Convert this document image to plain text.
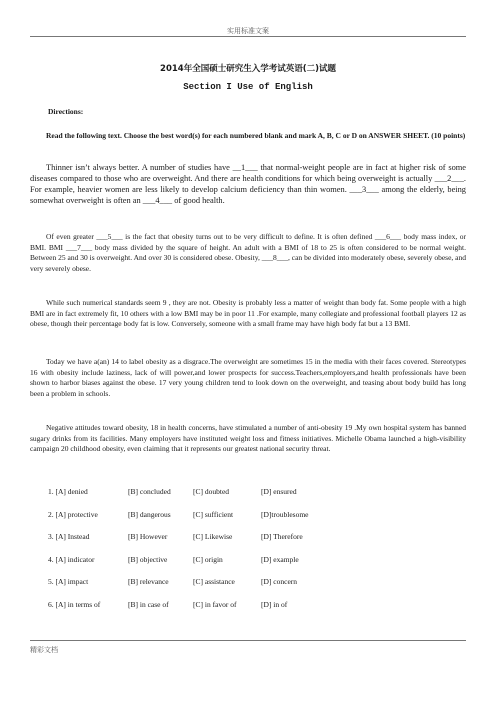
实用标准文案
2014年全国硕士研究生入学考试英语(二)试题
Section I Use of English
Directions:

Read the following text. Choose the best word(s) for each numbered blank and mark A, B, C or D on ANSWER SHEET. (10 points)

Thinner isn’t always better. A number of studies have __1___ that normal-weight people are in fact at higher risk of some diseases compared to those who are overweight. And there are health conditions for which being overweight is actually ___2___. For example, heavier women are less likely to develop calcium deficiency than thin women. ___3___ among the elderly, being somewhat overweight is often an ___4___ of good health.

Of even greater ___5___ is the fact that obesity turns out to be very difficult to define. It is often defined ___6___ body mass index, or BMI. BMI ___7___ body mass divided by the square of height. An adult with a BMI of 18 to 25 is often considered to be normal weight. Between 25 and 30 is overweight. And over 30 is considered obese. Obesity, ___8___, can be divided into moderately obese, severely obese, and very severely obese.

While such numerical standards seem 9 , they are not. Obesity is probably less a matter of weight than body fat. Some people with a high BMI are in fact extremely fit, 10 others with a low BMI may be in poor 11 .For example, many collegiate and professional football players 12 as obese, though their percentage body fat is low. Conversely, someone with a small frame may have high body fat but a 13 BMI.

Today we have a(an) 14 to label obesity as a disgrace.The overweight are sometimes 15 in the media with their faces covered. Stereotypes 16 with obesity include laziness, lack of will power,and lower prospects for success.Teachers,employers,and health professionals have been shown to harbor biases against the obese. 17 very young children tend to look down on the overweight, and teasing about body build has long been a problem in schools.

Negative attitudes toward obesity, 18 in health concerns, have stimulated a number of anti-obesity 19 .My own hospital system has banned sugary drinks from its facilities. Many employers have instituted weight loss and fitness initiatives. Michelle Obama launched a high-visibility campaign 20 childhood obesity, even claiming that it represents our greatest national security threat.

1. [A] denied	[B] concluded	[C] doubted	[D] ensured
2. [A] protective	[B] dangerous	[C] sufficient	[D]troublesome
3. [A] Instead	[B] However	[C] Likewise	[D] Therefore
4. [A] indicator	[B] objective	[C] origin	[D] example
5. [A] impact	[B] relevance	[C] assistance	[D] concern
6. [A] in terms of	[B] in case of	[C] in favor of	[D] in of
精彩文档
